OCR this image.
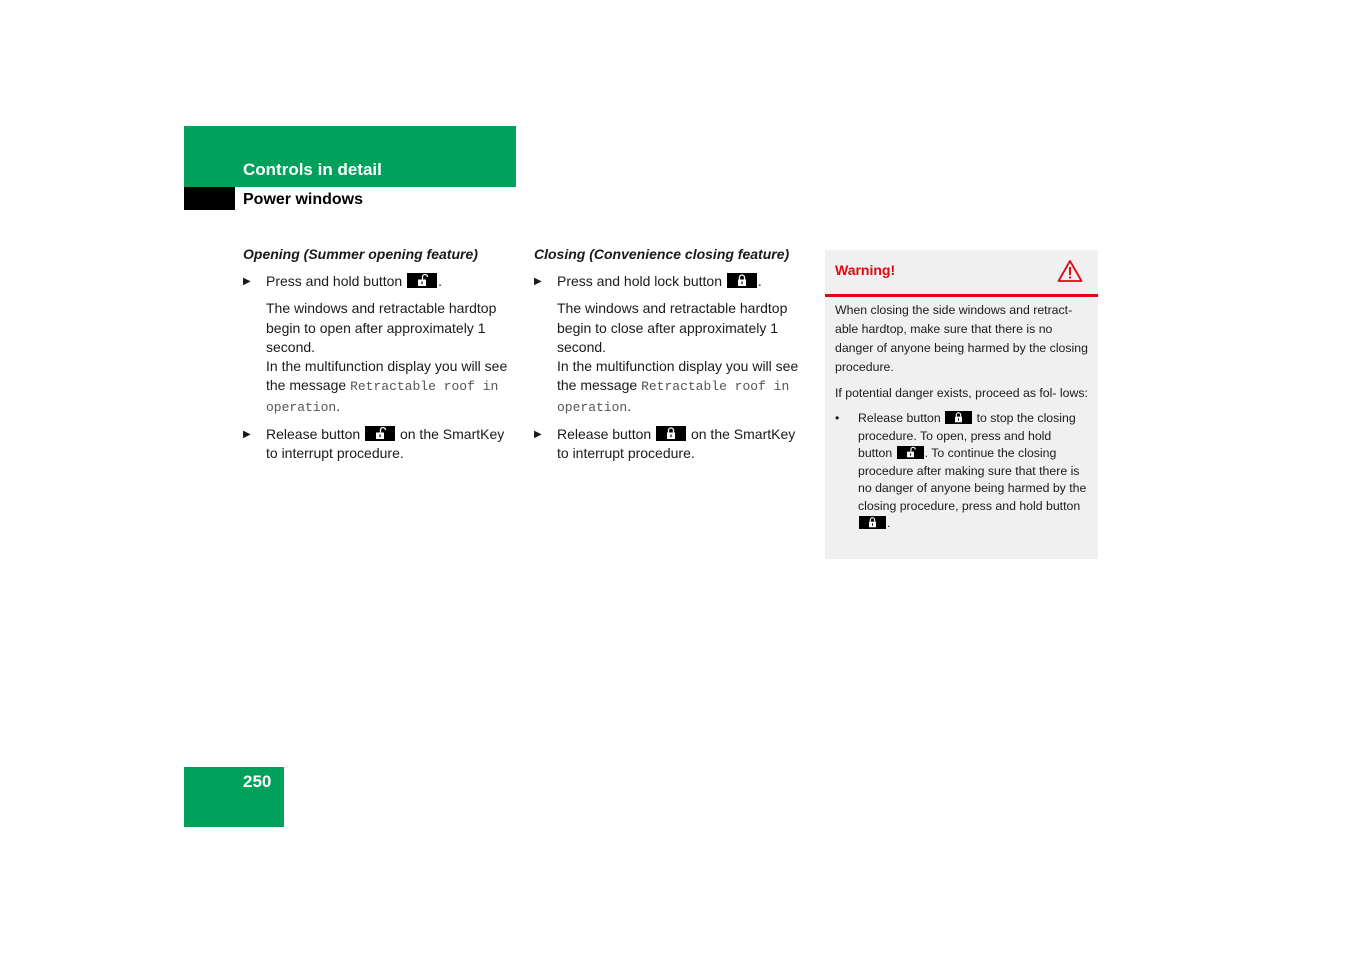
Controls in detail
Power windows

Opening (Summer opening feature)

▶ Press and hold button	.

The windows and retractable hardtop begin to open after approximately 1 second.
In the multifunction display you will see the message Retractable roof in operation.

▶ Release button	on the SmartKey to interrupt procedure.

Closing (Convenience closing feature)

▶ Press and hold lock button	.

The windows and retractable hardtop begin to close after approximately 1 second.
In the multifunction display you will see the message Retractable roof in operation.

▶ Release button	on the SmartKey to interrupt procedure.

Warning!

When closing the side windows and retract- able hardtop, make sure that there is no danger of anyone being harmed by the closing procedure.

If potential danger exists, proceed as fol- lows:

• Release button	to stop the closing procedure. To open, press and hold button	. To continue the closing procedure after making sure that there is no danger of anyone being harmed by the closing procedure, press and hold button
.

250
